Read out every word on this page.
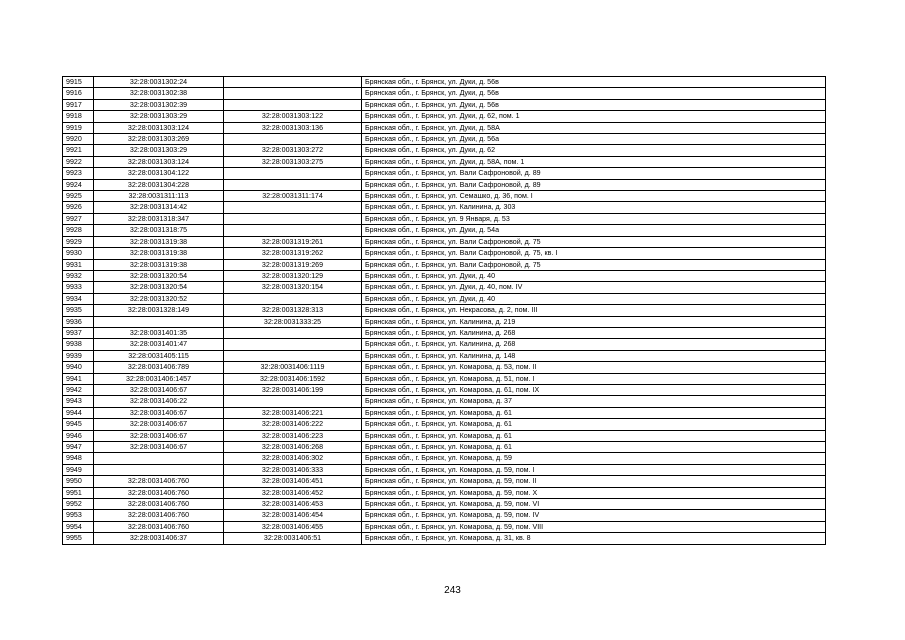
9915	32:28:0031302:24		Брянская обл., г. Брянск, ул. Дуки, д. 56в
9916	32:28:0031302:38		Брянская обл., г. Брянск, ул. Дуки, д. 56в
9917	32:28:0031302:39		Брянская обл., г. Брянск, ул. Дуки, д. 56в
9918	32:28:0031303:29	32:28:0031303:122	Брянская обл., г. Брянск, ул. Дуки, д. 62, пом. 1
9919	32:28:0031303:124	32:28:0031303:136	Брянская обл., г. Брянск, ул. Дуки, д. 58А
9920	32:28:0031303:269		Брянская обл., г. Брянск, ул. Дуки, д. 56а
9921	32:28:0031303:29	32:28:0031303:272	Брянская обл., г. Брянск, ул. Дуки, д. 62
9922	32:28:0031303:124	32:28:0031303:275	Брянская обл., г. Брянск, ул. Дуки, д. 58А, пом. 1
9923	32:28:0031304:122		Брянская обл., г. Брянск, ул. Вали Сафроновой, д. 89
9924	32:28:0031304:228		Брянская обл., г. Брянск, ул. Вали Сафроновой, д. 89
9925	32:28:0031311:113	32:28:0031311:174	Брянская обл., г. Брянск, ул. Семашко, д. 36, пом. I
9926	32:28:0031314:42		Брянская обл., г. Брянск, ул. Калинина, д. 303
9927	32:28:0031318:347		Брянская обл., г. Брянск, ул. 9 Января, д. 53
9928	32:28:0031318:75		Брянская обл., г. Брянск, ул. Дуки, д. 54а
9929	32:28:0031319:38	32:28:0031319:261	Брянская обл., г. Брянск, ул. Вали Сафроновой, д. 75
9930	32:28:0031319:38	32:28:0031319:262	Брянская обл., г. Брянск, ул. Вали Сафроновой, д. 75, кв. I
9931	32:28:0031319:38	32:28:0031319:269	Брянская обл., г. Брянск, ул. Вали Сафроновой, д. 75
9932	32:28:0031320:54	32:28:0031320:129	Брянская обл., г. Брянск, ул. Дуки, д. 40
9933	32:28:0031320:54	32:28:0031320:154	Брянская обл., г. Брянск, ул. Дуки, д. 40, пом. IV
9934	32:28:0031320:52		Брянская обл., г. Брянск, ул. Дуки, д. 40
9935	32:28:0031328:149	32:28:0031328:313	Брянская обл., г. Брянск, ул. Некрасова, д. 2, пом. III
9936		32:28:0031333:25	Брянская обл., г. Брянск, ул. Калинина, д. 219
9937	32:28:0031401:35		Брянская обл., г. Брянск, ул. Калинина, д. 268
9938	32:28:0031401:47		Брянская обл., г. Брянск, ул. Калинина, д. 268
9939	32:28:0031405:115		Брянская обл., г. Брянск, ул. Калинина, д. 148
9940	32:28:0031406:789	32:28:0031406:1119	Брянская обл., г. Брянск, ул. Комарова, д. 53, пом. II
9941	32:28:0031406:1457	32:28:0031406:1592	Брянская обл., г. Брянск, ул. Комарова, д. 51, пом. I
9942	32:28:0031406:67	32:28:0031406:199	Брянская обл., г. Брянск, ул. Комарова, д. 61, пом. IX
9943	32:28:0031406:22		Брянская обл., г. Брянск, ул. Комарова, д. 37
9944	32:28:0031406:67	32:28:0031406:221	Брянская обл., г. Брянск, ул. Комарова, д. 61
9945	32:28:0031406:67	32:28:0031406:222	Брянская обл., г. Брянск, ул. Комарова, д. 61
9946	32:28:0031406:67	32:28:0031406:223	Брянская обл., г. Брянск, ул. Комарова, д. 61
9947	32:28:0031406:67	32:28:0031406:268	Брянская обл., г. Брянск, ул. Комарова, д. 61
9948		32:28:0031406:302	Брянская обл., г. Брянск, ул. Комарова, д. 59
9949		32:28:0031406:333	Брянская обл., г. Брянск, ул. Комарова, д. 59, пом. I
9950	32:28:0031406:760	32:28:0031406:451	Брянская обл., г. Брянск, ул. Комарова, д. 59, пом. II
9951	32:28:0031406:760	32:28:0031406:452	Брянская обл., г. Брянск, ул. Комарова, д. 59, пом. X
9952	32:28:0031406:760	32:28:0031406:453	Брянская обл., г. Брянск, ул. Комарова, д. 59, пом. VI
9953	32:28:0031406:760	32:28:0031406:454	Брянская обл., г. Брянск, ул. Комарова, д. 59, пом. IV
9954	32:28:0031406:760	32:28:0031406:455	Брянская обл., г. Брянск, ул. Комарова, д. 59, пом. VIII
9955	32:28:0031406:37	32:28:0031406:51	Брянская обл., г. Брянск, ул. Комарова, д. 31, кв. 8
243
